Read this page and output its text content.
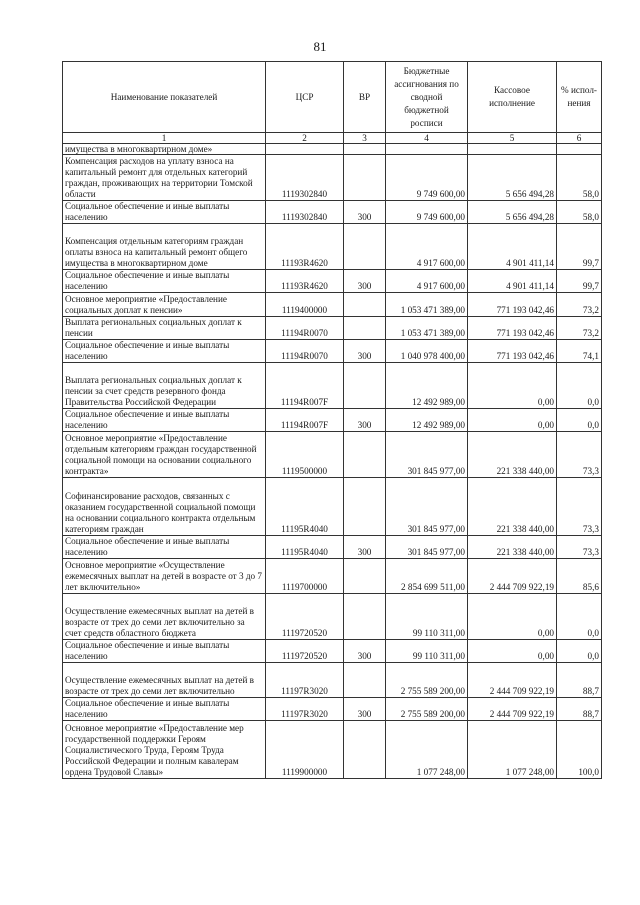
81
Наименование показателей	ЦСР	ВР	Бюджетные ассигнования по сводной бюджетной росписи	Кассовое исполнение	% испол-нения
1	2	3	4	5	6
имущества в многоквартирном доме»					
Компенсация расходов на уплату взноса на капитальный ремонт для отдельных категорий граждан, проживающих на территории Томской области	1119302840		9 749 600,00	5 656 494,28	58,0
Социальное обеспечение и иные выплаты населению	1119302840	300	9 749 600,00	5 656 494,28	58,0
Компенсация отдельным категориям граждан оплаты взноса на капитальный ремонт общего имущества в многоквартирном доме	11193R4620		4 917 600,00	4 901 411,14	99,7
Социальное обеспечение и иные выплаты населению	11193R4620	300	4 917 600,00	4 901 411,14	99,7
Основное мероприятие «Предоставление социальных доплат к пенсии»	1119400000		1 053 471 389,00	771 193 042,46	73,2
Выплата региональных социальных доплат к пенсии	11194R0070		1 053 471 389,00	771 193 042,46	73,2
Социальное обеспечение и иные выплаты населению	11194R0070	300	1 040 978 400,00	771 193 042,46	74,1
Выплата региональных социальных доплат к пенсии за счет средств резервного фонда Правительства Российской Федерации	11194R007F		12 492 989,00	0,00	0,0
Социальное обеспечение и иные выплаты населению	11194R007F	300	12 492 989,00	0,00	0,0
Основное мероприятие «Предоставление отдельным категориям граждан государственной социальной помощи на основании социального контракта»	1119500000		301 845 977,00	221 338 440,00	73,3
Софинансирование расходов, связанных с оказанием государственной социальной помощи на основании социального контракта отдельным категориям граждан	11195R4040		301 845 977,00	221 338 440,00	73,3
Социальное обеспечение и иные выплаты населению	11195R4040	300	301 845 977,00	221 338 440,00	73,3
Основное мероприятие «Осуществление ежемесячных выплат на детей в возрасте от 3 до 7 лет включительно»	1119700000		2 854 699 511,00	2 444 709 922,19	85,6
Осуществление ежемесячных выплат на детей в возрасте от трех до семи лет включительно за счет средств областного бюджета	1119720520		99 110 311,00	0,00	0,0
Социальное обеспечение и иные выплаты населению	1119720520	300	99 110 311,00	0,00	0,0
Осуществление ежемесячных выплат на детей в возрасте от трех до семи лет включительно	11197R3020		2 755 589 200,00	2 444 709 922,19	88,7
Социальное обеспечение и иные выплаты населению	11197R3020	300	2 755 589 200,00	2 444 709 922,19	88,7
Основное мероприятие «Предоставление мер государственной поддержки Героям Социалистического Труда, Героям Труда Российской Федерации и полным кавалерам ордена Трудовой Славы»	1119900000		1 077 248,00	1 077 248,00	100,0
